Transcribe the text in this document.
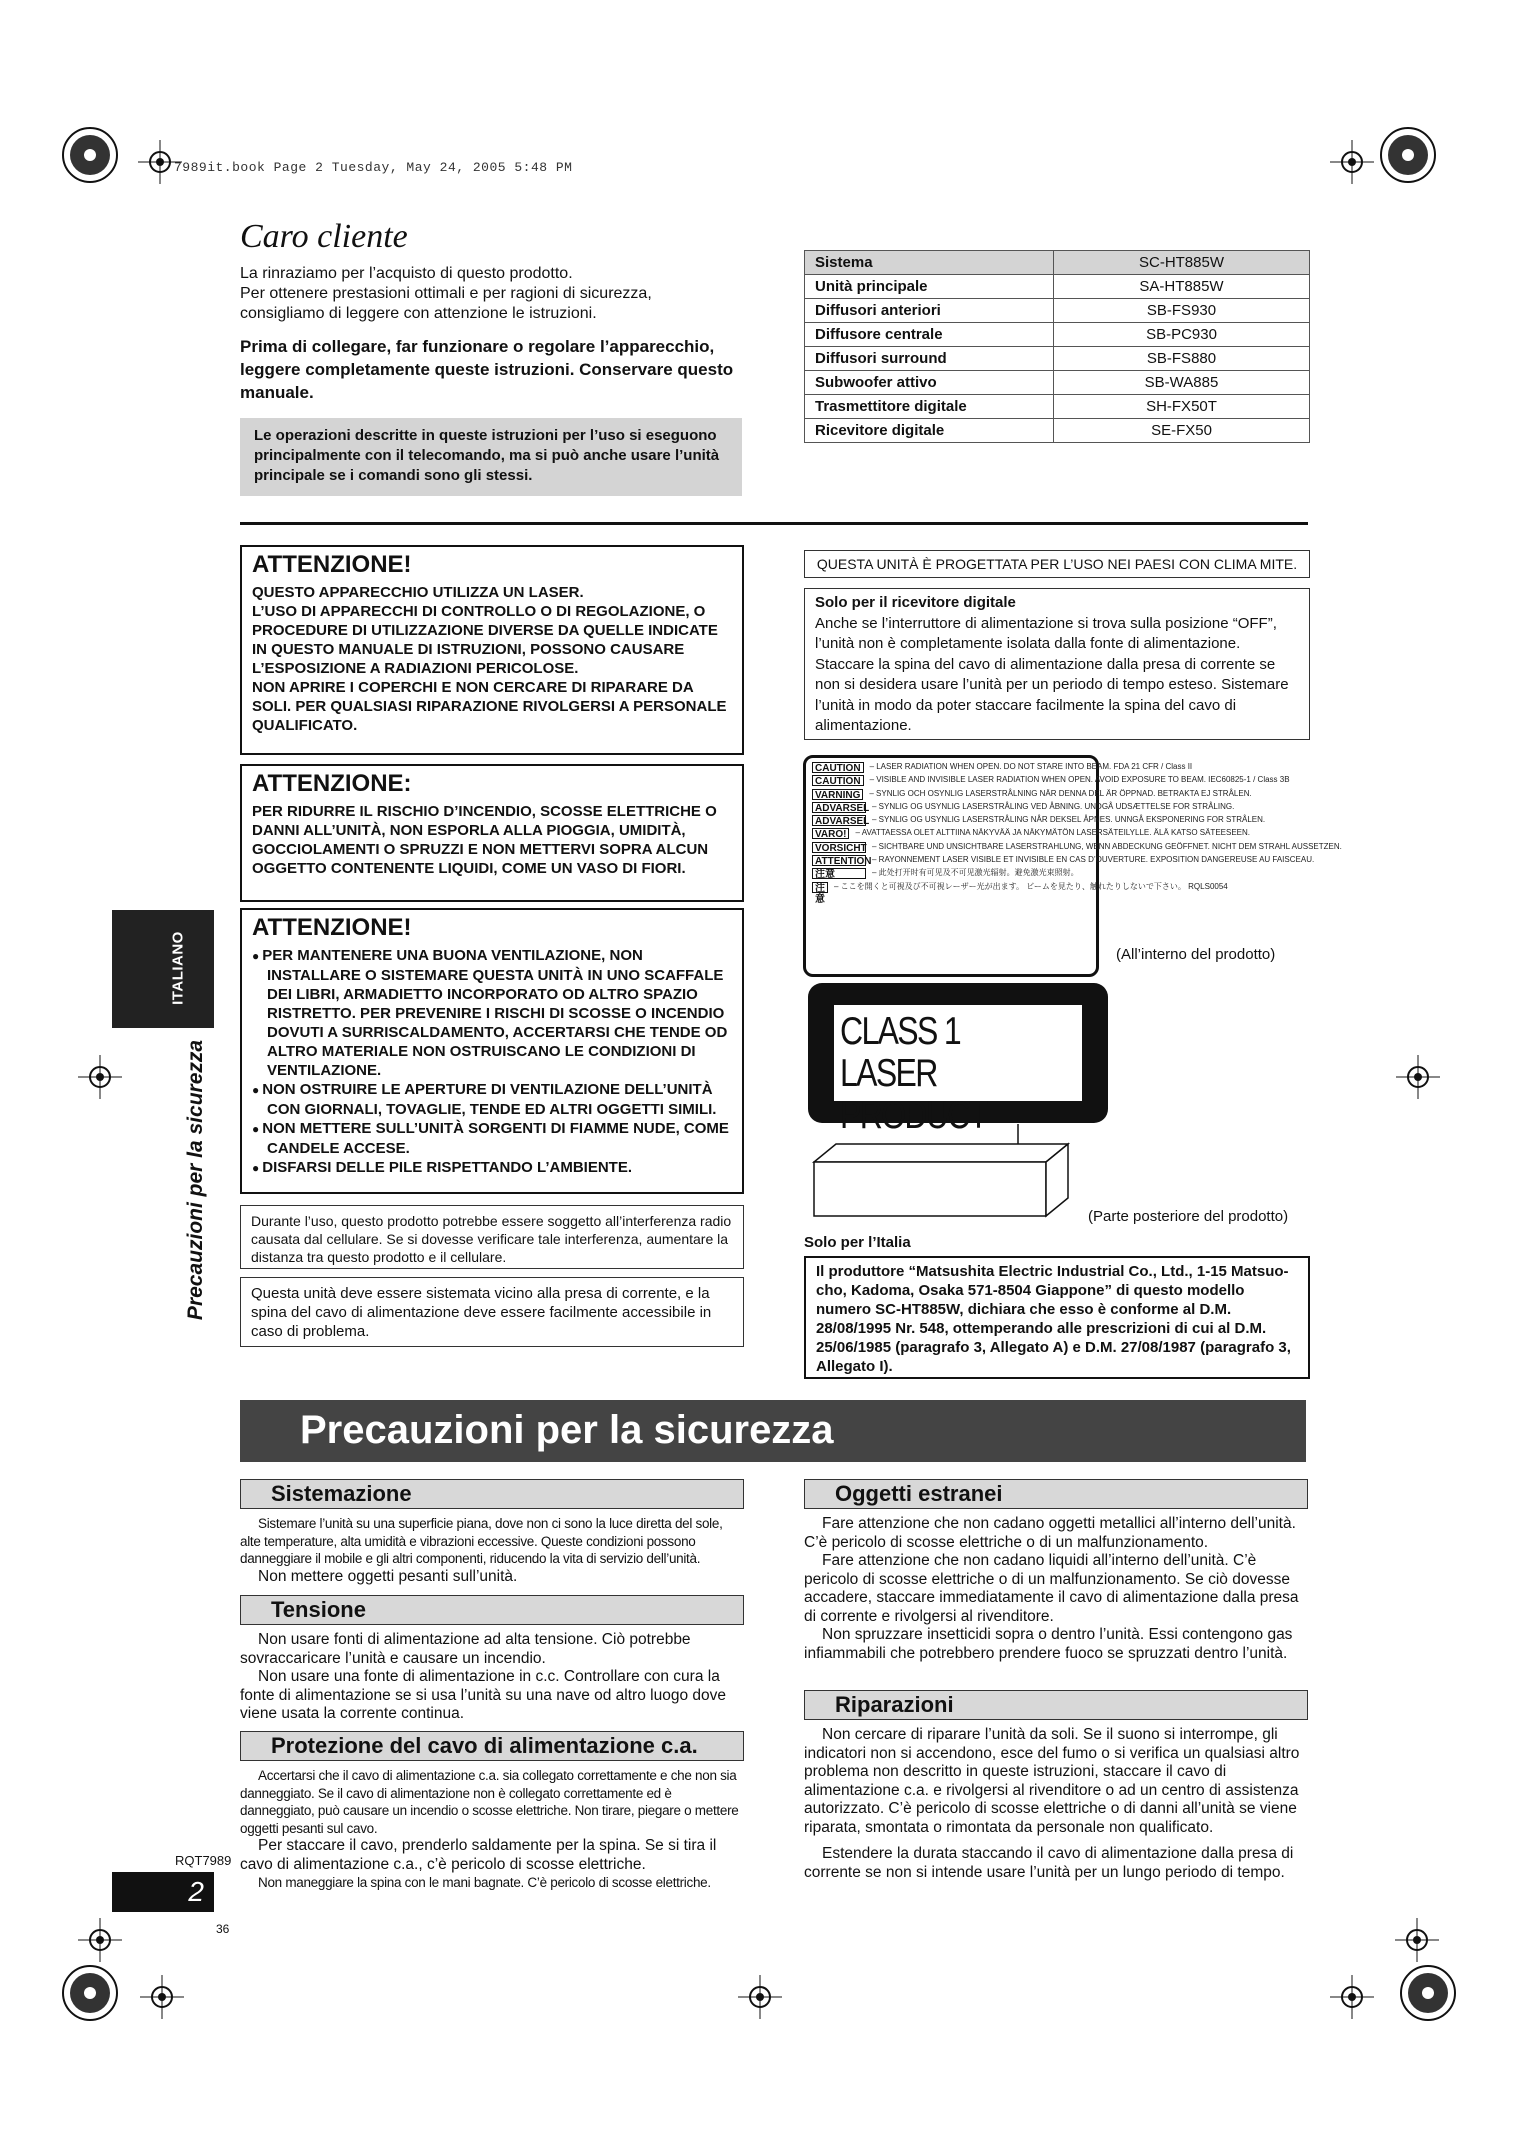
7989it.book Page 2 Tuesday, May 24, 2005 5:48 PM
Caro cliente
La rinraziamo per l’acquisto di questo prodotto.
Per ottenere prestasioni ottimali e per ragioni di sicurezza, consigliamo di leggere con attenzione le istruzioni.
Prima di collegare, far funzionare o regolare l’apparecchio, leggere completamente queste istruzioni. Conservare questo manuale.
Le operazioni descritte in queste istruzioni per l’uso si eseguono principalmente con il telecomando, ma si può anche usare l’unità principale se i comandi sono gli stessi.
Sistema	SC-HT885W
Unità principale	SA-HT885W
Diffusori anteriori	SB-FS930
Diffusore centrale	SB-PC930
Diffusori surround	SB-FS880
Subwoofer attivo	SB-WA885
Trasmettitore digitale	SH-FX50T
Ricevitore digitale	SE-FX50
ATTENZIONE!

QUESTO APPARECCHIO UTILIZZA UN LASER.
L’USO DI APPARECCHI DI CONTROLLO O DI REGOLAZIONE, O PROCEDURE DI UTILIZZAZIONE DIVERSE DA QUELLE INDICATE IN QUESTO MANUALE DI ISTRUZIONI, POSSONO CAUSARE L’ESPOSIZIONE A RADIAZIONI PERICOLOSE.
NON APRIRE I COPERCHI E NON CERCARE DI RIPARARE DA SOLI. PER QUALSIASI RIPARAZIONE RIVOLGERSI A PERSONALE QUALIFICATO.

ATTENZIONE:

PER RIDURRE IL RISCHIO D’INCENDIO, SCOSSE ELETTRICHE O DANNI ALL’UNITÀ, NON ESPORLA ALLA PIOGGIA, UMIDITÀ, GOCCIOLAMENTI O SPRUZZI E NON METTERVI SOPRA ALCUN OGGETTO CONTENENTE LIQUIDI, COME UN VASO DI FIORI.

ATTENZIONE!
● PER MANTENERE UNA BUONA VENTILAZIONE, NON INSTALLARE O SISTEMARE QUESTA UNITÀ IN UNO SCAFFALE DEI LIBRI, ARMADIETTO INCORPORATO OD ALTRO SPAZIO RISTRETTO. PER PREVENIRE I RISCHI DI SCOSSE O INCENDIO DOVUTI A SURRISCALDAMENTO, ACCERTARSI CHE TENDE OD ALTRO MATERIALE NON OSTRUISCANO LE CONDIZIONI DI VENTILAZIONE.
● NON OSTRUIRE LE APERTURE DI VENTILAZIONE DELL’UNITÀ CON GIORNALI, TOVAGLIE, TENDE ED ALTRI OGGETTI SIMILI.
● NON METTERE SULL’UNITÀ SORGENTI DI FIAMME NUDE, COME CANDELE ACCESE.
● DISFARSI DELLE PILE RISPETTANDO L’AMBIENTE.
Durante l’uso, questo prodotto potrebbe essere soggetto all’interferenza radio causata dal cellulare. Se si dovesse verificare tale interferenza, aumentare la distanza tra questo prodotto e il cellulare.
Questa unità deve essere sistemata vicino alla presa di corrente, e la spina del cavo di alimentazione deve essere facilmente accessibile in caso di problema.
QUESTA UNITÀ È PROGETTATA PER L’USO NEI PAESI CON CLIMA MITE.
Solo per il ricevitore digitale
Anche se l’interruttore di alimentazione si trova sulla posizione “OFF”, l’unità non è completamente isolata dalla fonte di alimentazione. Staccare la spina del cavo di alimentazione dalla presa di corrente se non si desidera usare l’unità per un periodo di tempo esteso. Sistemare l’unità in modo da poter staccare facilmente la spina del cavo di alimentazione.
CAUTION	– LASER RADIATION WHEN OPEN. DO NOT STARE INTO BEAM. FDA 21 CFR / Class II
CAUTION	– VISIBLE AND INVISIBLE LASER RADIATION WHEN OPEN. AVOID EXPOSURE TO BEAM. IEC60825-1 / Class 3B
VARNING	– SYNLIG OCH OSYNLIG LASERSTRÅLNING NÄR DENNA DEL ÄR ÖPPNAD. BETRAKTA EJ STRÅLEN.
ADVARSEL – SYNLIG OG USYNLIG LASERSTRÅLING VED ÅBNING. UNDGÅ UDSÆTTELSE FOR STRÅLING.
ADVARSEL – SYNLIG OG USYNLIG LASERSTRÅLING NÅR DEKSEL ÅPNES. UNNGÅ EKSPONERING FOR STRÅLEN.
VARO!	– AVATTAESSA OLET ALTTIINA NÄKYVÄÄ JA NÄKYMÄTÖN LASERSÄTEILYLLE. ÄLÄ KATSO SÄTEESEEN.
VORSICHT – SICHTBARE UND UNSICHTBARE LASERSTRAHLUNG, WENN ABDECKUNG GEÖFFNET. NICHT DEM STRAHL AUSSETZEN.
ATTENTION – RAYONNEMENT LASER VISIBLE ET INVISIBLE EN CAS D’OUVERTURE. EXPOSITION DANGEREUSE AU FAISCEAU.
注意	– 此处打开时有可见及不可见激光辐射。避免激光束照射。
注意
– ここを開くと可視及び不可視レーザー光が出ます。 ビームを見たり、触れたりしないで下さい。 RQLS0054
(All’interno del prodotto)
CLASS 1
LASER PRODUCT
(Parte posteriore del prodotto)
Solo per l’Italia
Il produttore “Matsushita Electric Industrial Co., Ltd., 1-15 Matsuo-cho, Kadoma, Osaka 571-8504 Giappone” di questo modello numero SC-HT885W, dichiara che esso è conforme al D.M. 28/08/1995 Nr. 548, ottemperando alle prescrizioni di cui al D.M. 25/06/1985 (paragrafo 3, Allegato A) e D.M. 27/08/1987 (paragrafo 3, Allegato I).
ITALIANO
Precauzioni per la sicurezza
Precauzioni per la sicurezza
Sistemazione

Sistemare l’unità su una superficie piana, dove non ci sono la luce diretta del sole, alte temperature, alta umidità e vibrazioni eccessive. Queste condizioni possono danneggiare il mobile e gli altri componenti, riducendo la vita di servizio dell’unità.

Non mettere oggetti pesanti sull’unità.

Tensione

Non usare fonti di alimentazione ad alta tensione. Ciò potrebbe sovraccaricare l’unità e causare un incendio.

Non usare una fonte di alimentazione in c.c. Controllare con cura la fonte di alimentazione se si usa l’unità su una nave od altro luogo dove viene usata la corrente continua.

Protezione del cavo di alimentazione c.a.

Accertarsi che il cavo di alimentazione c.a. sia collegato correttamente e che non sia danneggiato. Se il cavo di alimentazione non è collegato correttamente ed è danneggiato, può causare un incendio o scosse elettriche. Non tirare, piegare o mettere oggetti pesanti sul cavo.

Per staccare il cavo, prenderlo saldamente per la spina. Se si tira il cavo di alimentazione c.a., c’è pericolo di scosse elettriche.

Non maneggiare la spina con le mani bagnate. C’è pericolo di scosse elettriche.

Oggetti estranei

Fare attenzione che non cadano oggetti metallici all’interno dell’unità. C’è pericolo di scosse elettriche o di un malfunzionamento.

Fare attenzione che non cadano liquidi all’interno dell’unità. C’è pericolo di scosse elettriche o di un malfunzionamento. Se ciò dovesse accadere, staccare immediatamente il cavo di alimentazione dalla presa di corrente e rivolgersi al rivenditore.

Non spruzzare insetticidi sopra o dentro l’unità. Essi contengono gas infiammabili che potrebbero prendere fuoco se spruzzati dentro l’unità.

Riparazioni

Non cercare di riparare l’unità da soli. Se il suono si interrompe, gli indicatori non si accendono, esce del fumo o si verifica un qualsiasi altro problema non descritto in queste istruzioni, staccare il cavo di alimentazione c.a. e rivolgersi al rivenditore o ad un centro di assistenza autorizzato. C’è pericolo di scosse elettriche o di danni all’unità se viene riparata, smontata o rimontata da personale non qualificato.

Estendere la durata staccando il cavo di alimentazione dalla presa di corrente se non si intende usare l’unità per un lungo periodo di tempo.

RQT7989
2
36
